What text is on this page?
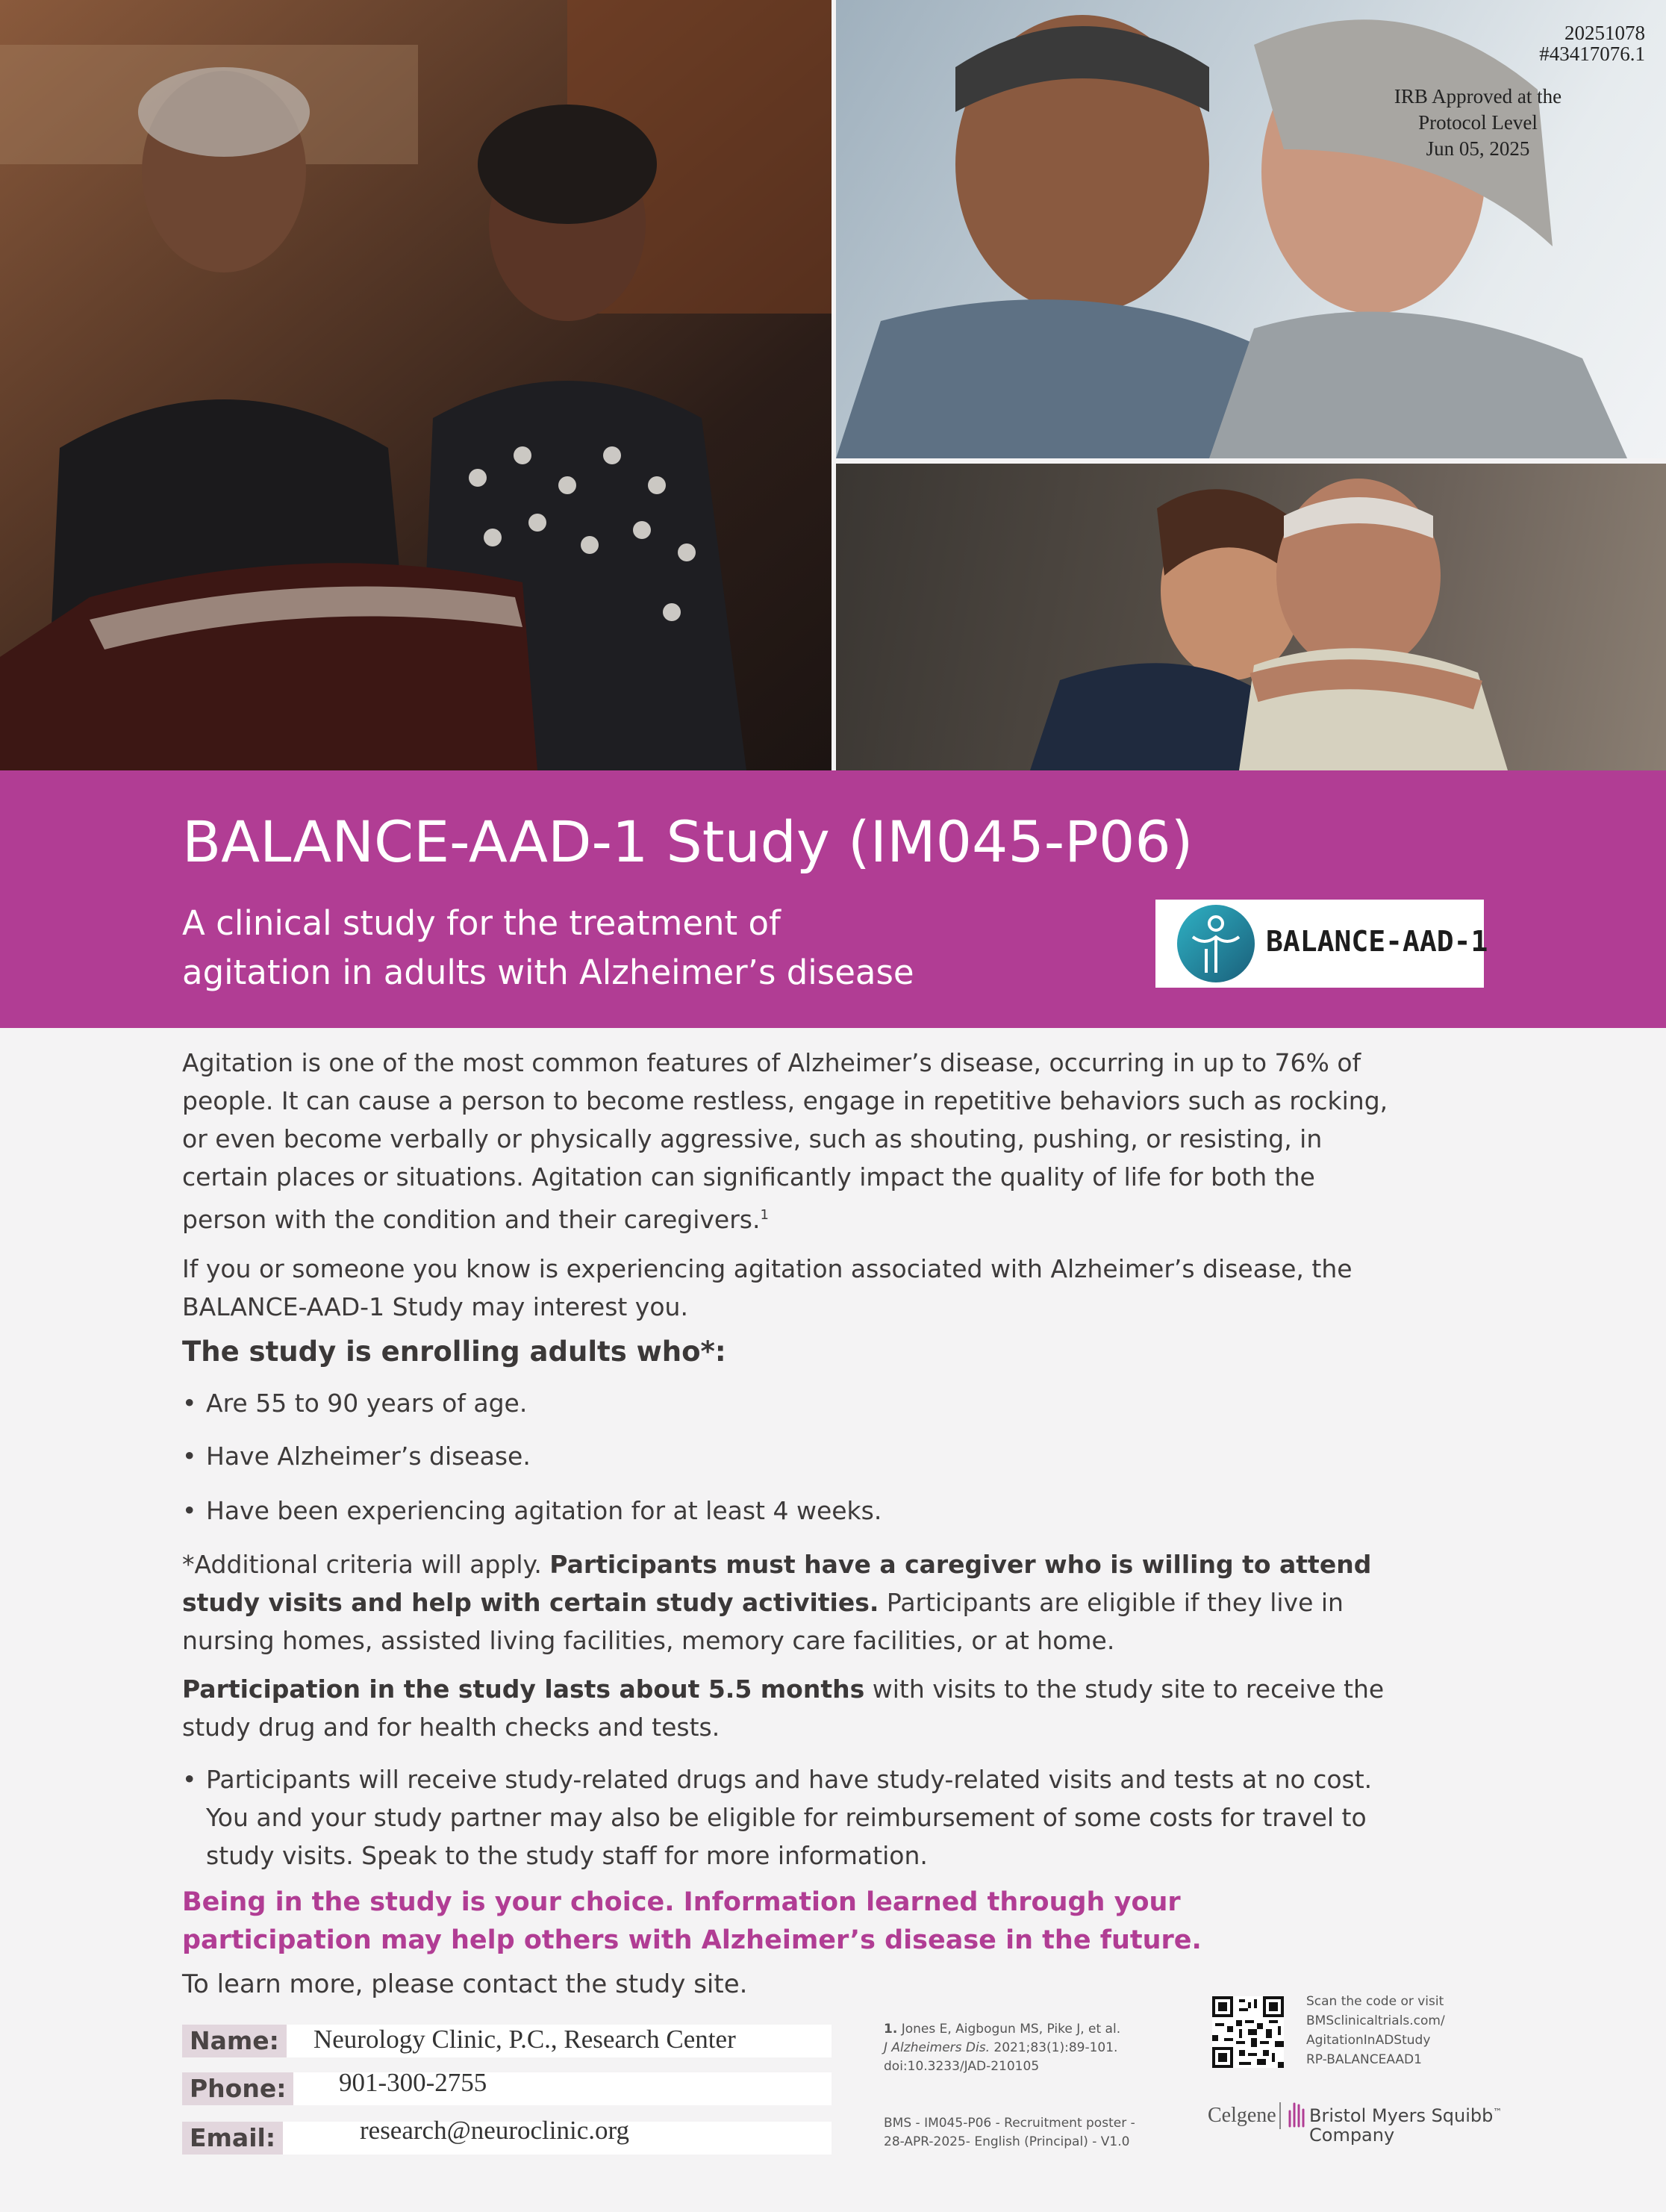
20251078
#43417076.1
IRB Approved at the
Protocol Level
Jun 05, 2025
BALANCE-AAD-1 Study (IM045-P06)
A clinical study for the treatment of
agitation in adults with Alzheimer’s disease
BALANCE-AAD-1
Agitation is one of the most common features of Alzheimer’s disease, occurring in up to 76% of people. It can cause a person to become restless, engage in repetitive behaviors such as rocking, or even become verbally or physically aggressive, such as shouting, pushing, or resisting, in certain places or situations. Agitation can significantly impact the quality of life for both the person with the condition and their caregivers.$^1$
If you or someone you know is experiencing agitation associated with Alzheimer’s disease, the BALANCE-AAD-1 Study may interest you.
The study is enrolling adults who*:
• Are 55 to 90 years of age.
• Have Alzheimer’s disease.
• Have been experiencing agitation for at least 4 weeks.
*Additional criteria will apply. Participants must have a caregiver who is willing to attend study visits and help with certain study activities. Participants are eligible if they live in nursing homes, assisted living facilities, memory care facilities, or at home.
Participation in the study lasts about 5.5 months with visits to the study site to receive the study drug and for health checks and tests.
• Participants will receive study-related drugs and have study-related visits and tests at no cost. You and your study partner may also be eligible for reimbursement of some costs for travel to study visits. Speak to the study staff for more information.
Being in the study is your choice. Information learned through your participation may help others with Alzheimer’s disease in the future.
To learn more, please contact the study site.
Name:
Phone:
Email:
Neurology Clinic, P.C., Research Center
901-300-2755
research@neuroclinic.org
1. Jones E, Aigbogun MS, Pike J, et al.
J Alzheimers Dis. 2021;83(1):89-101.
doi:10.3233/JAD-210105
BMS - IM045-P06 - Recruitment poster -
28-APR-2025- English (Principal) - V1.0
Scan the code or visit
BMSclinicaltrials.com/
AgitationInADStudy
RP-BALANCEAAD1
Celgene Bristol Myers Squibb™
Company
